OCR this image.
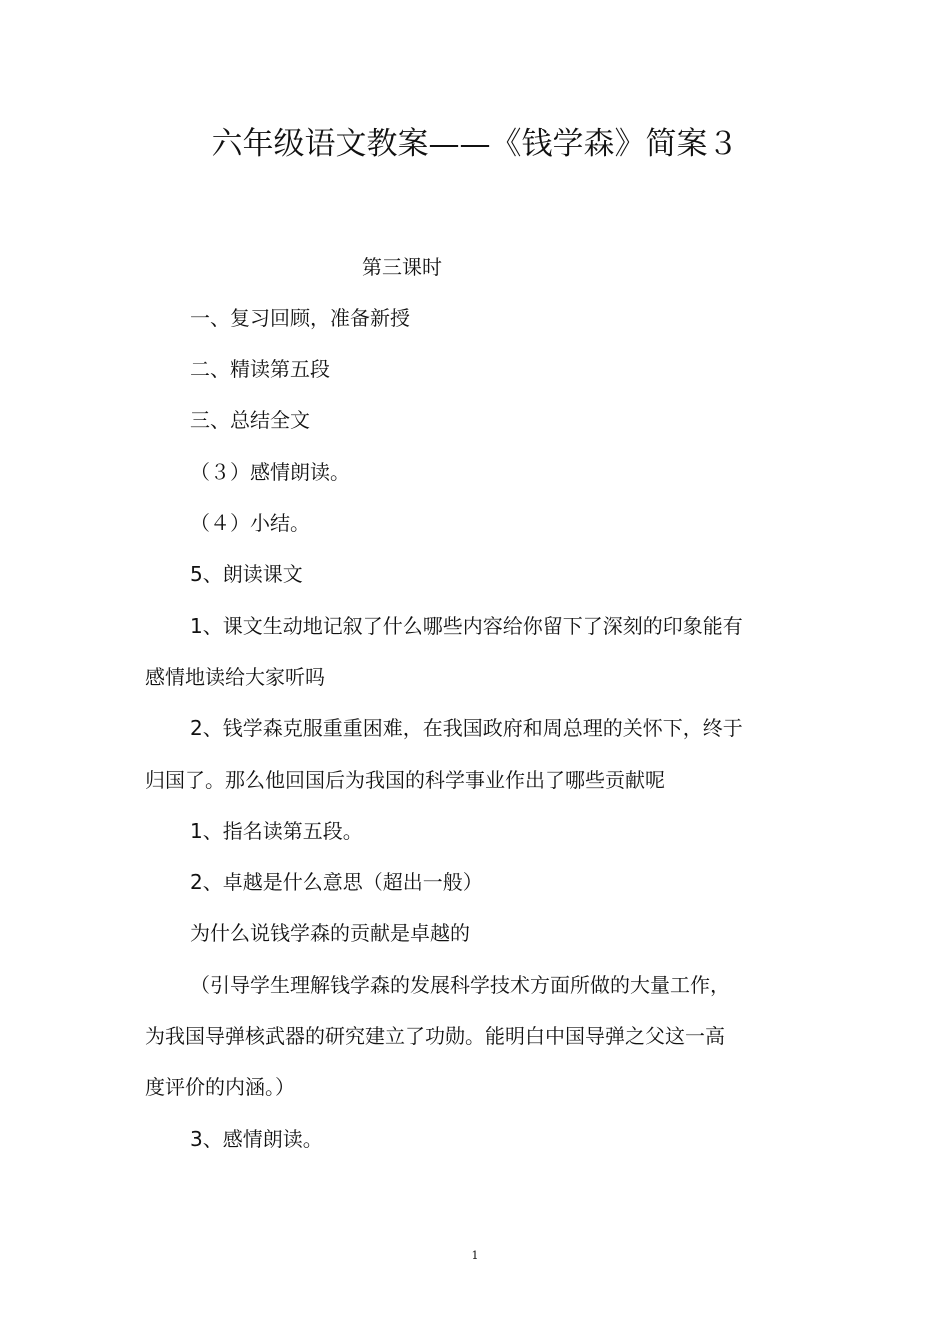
六年级语文教案——《钱学森》简案３
第三课时
一、复习回顾，准备新授
二、精读第五段
三、总结全文
（３）感情朗读。
（４）小结。
5、朗读课文
1、课文生动地记叙了什么哪些内容给你留下了深刻的印象能有
感情地读给大家听吗
2、钱学森克服重重困难，在我国政府和周总理的关怀下，终于
归国了。那么他回国后为我国的科学事业作出了哪些贡献呢
1、指名读第五段。
2、卓越是什么意思（超出一般）
为什么说钱学森的贡献是卓越的
（引导学生理解钱学森的发展科学技术方面所做的大量工作，
为我国导弹核武器的研究建立了功勋。能明白中国导弹之父这一高
度评价的内涵。）
3、感情朗读。
1
